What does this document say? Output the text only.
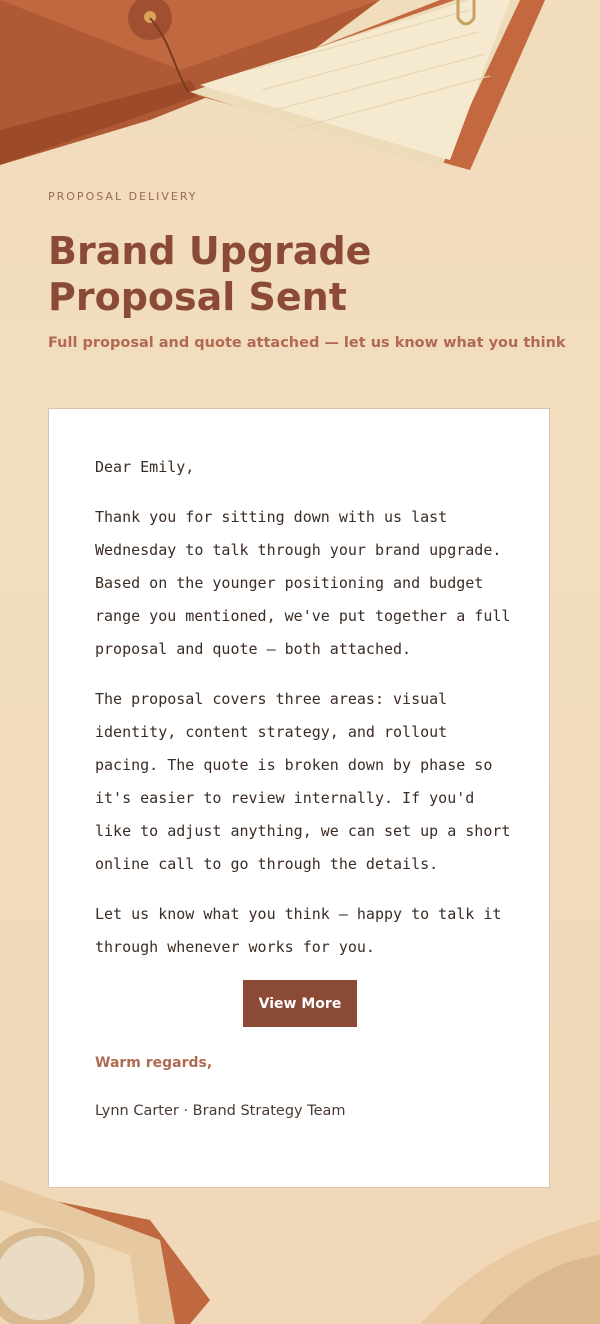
PROPOSAL DELIVERY
Brand Upgrade Proposal Sent
Full proposal and quote attached — let us know what you think

Dear Emily,

Thank you for sitting down with us last Wednesday to talk through your brand upgrade. Based on the younger positioning and budget range you mentioned, we've put together a full proposal and quote — both attached.

The proposal covers three areas: visual identity, content strategy, and rollout pacing. The quote is broken down by phase so it's easier to review internally. If you'd like to adjust anything, we can set up a short online call to go through the details.

Let us know what you think — happy to talk it through whenever works for you.

View More
Warm regards,
Lynn Carter · Brand Strategy Team
